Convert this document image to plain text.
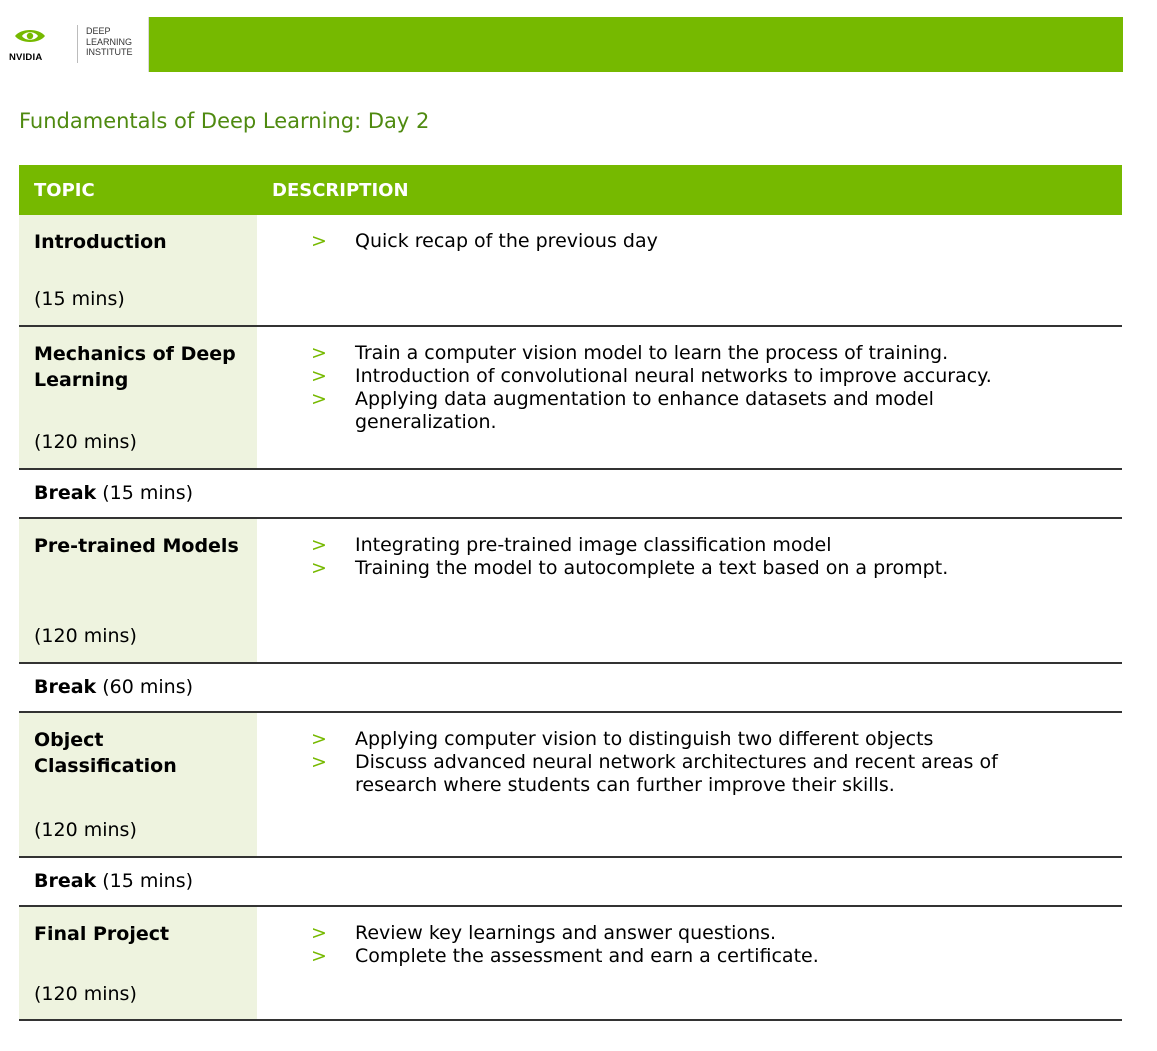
NVIDIA
DEEP
LEARNING
INSTITUTE
Fundamentals of Deep Learning: Day 2
TOPIC	DESCRIPTION
Introduction
(15 mins)
> Quick recap of the previous day
Mechanics of Deep Learning
(120 mins)
> Train a computer vision model to learn the process of training.
> Introduction of convolutional neural networks to improve accuracy.
> Applying data augmentation to enhance datasets and model generalization.
Break (15 mins)
Pre-trained Models
(120 mins)
> Integrating pre-trained image classification model
> Training the model to autocomplete a text based on a prompt.
Break (60 mins)
Object Classification
(120 mins)
> Applying computer vision to distinguish two different objects
> Discuss advanced neural network architectures and recent areas of research where students can further improve their skills.
Break (15 mins)
Final Project
(120 mins)
> Review key learnings and answer questions.
> Complete the assessment and earn a certificate.
